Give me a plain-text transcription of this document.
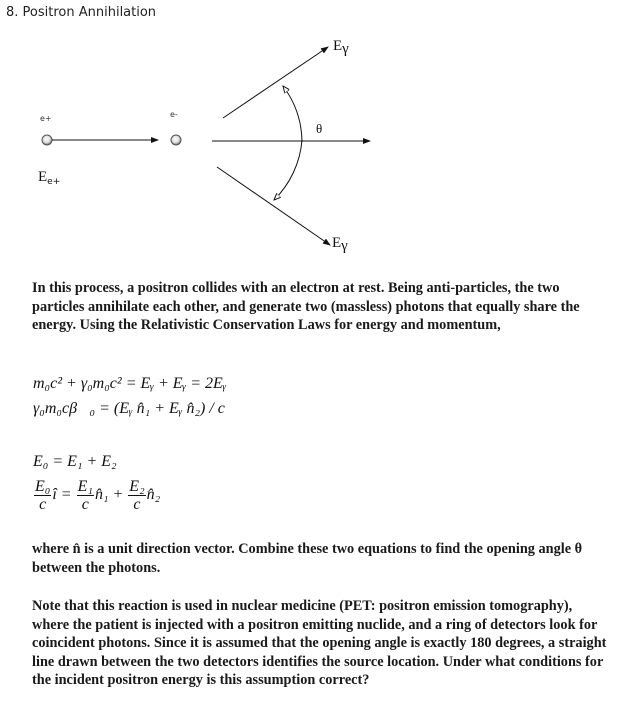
8. Positron Annihilation
e+	e-
$E_{e+}$
θ
Eγ
Eγ
In this process, a positron collides with an electron at rest. Being anti-particles, the two particles annihilate each other, and generate two (massless) photons that equally share the energy. Using the Relativistic Conservation Laws for energy and momentum,
m₀c² + γ₀m₀c² = Eᵧ + Eᵧ = 2Eᵧ
γ₀m₀cβ⃗₀ = (Eᵧ n̂₁ + Eᵧ n̂₂) / c
E₀ = E₁ + E₂
$\frac{\text{E₀}}{c}$ î = $\frac{\text{E₁}}{c}$ n̂₁ + $\frac{\text{E₂}}{c}$ n̂₂
where n̂ is a unit direction vector. Combine these two equations to find the opening angle θ between the photons.
Note that this reaction is used in nuclear medicine (PET: positron emission tomography), where the patient is injected with a positron emitting nuclide, and a ring of detectors look for coincident photons. Since it is assumed that the opening angle is exactly 180 degrees, a straight line drawn between the two detectors identifies the source location. Under what conditions for the incident positron energy is this assumption correct?
